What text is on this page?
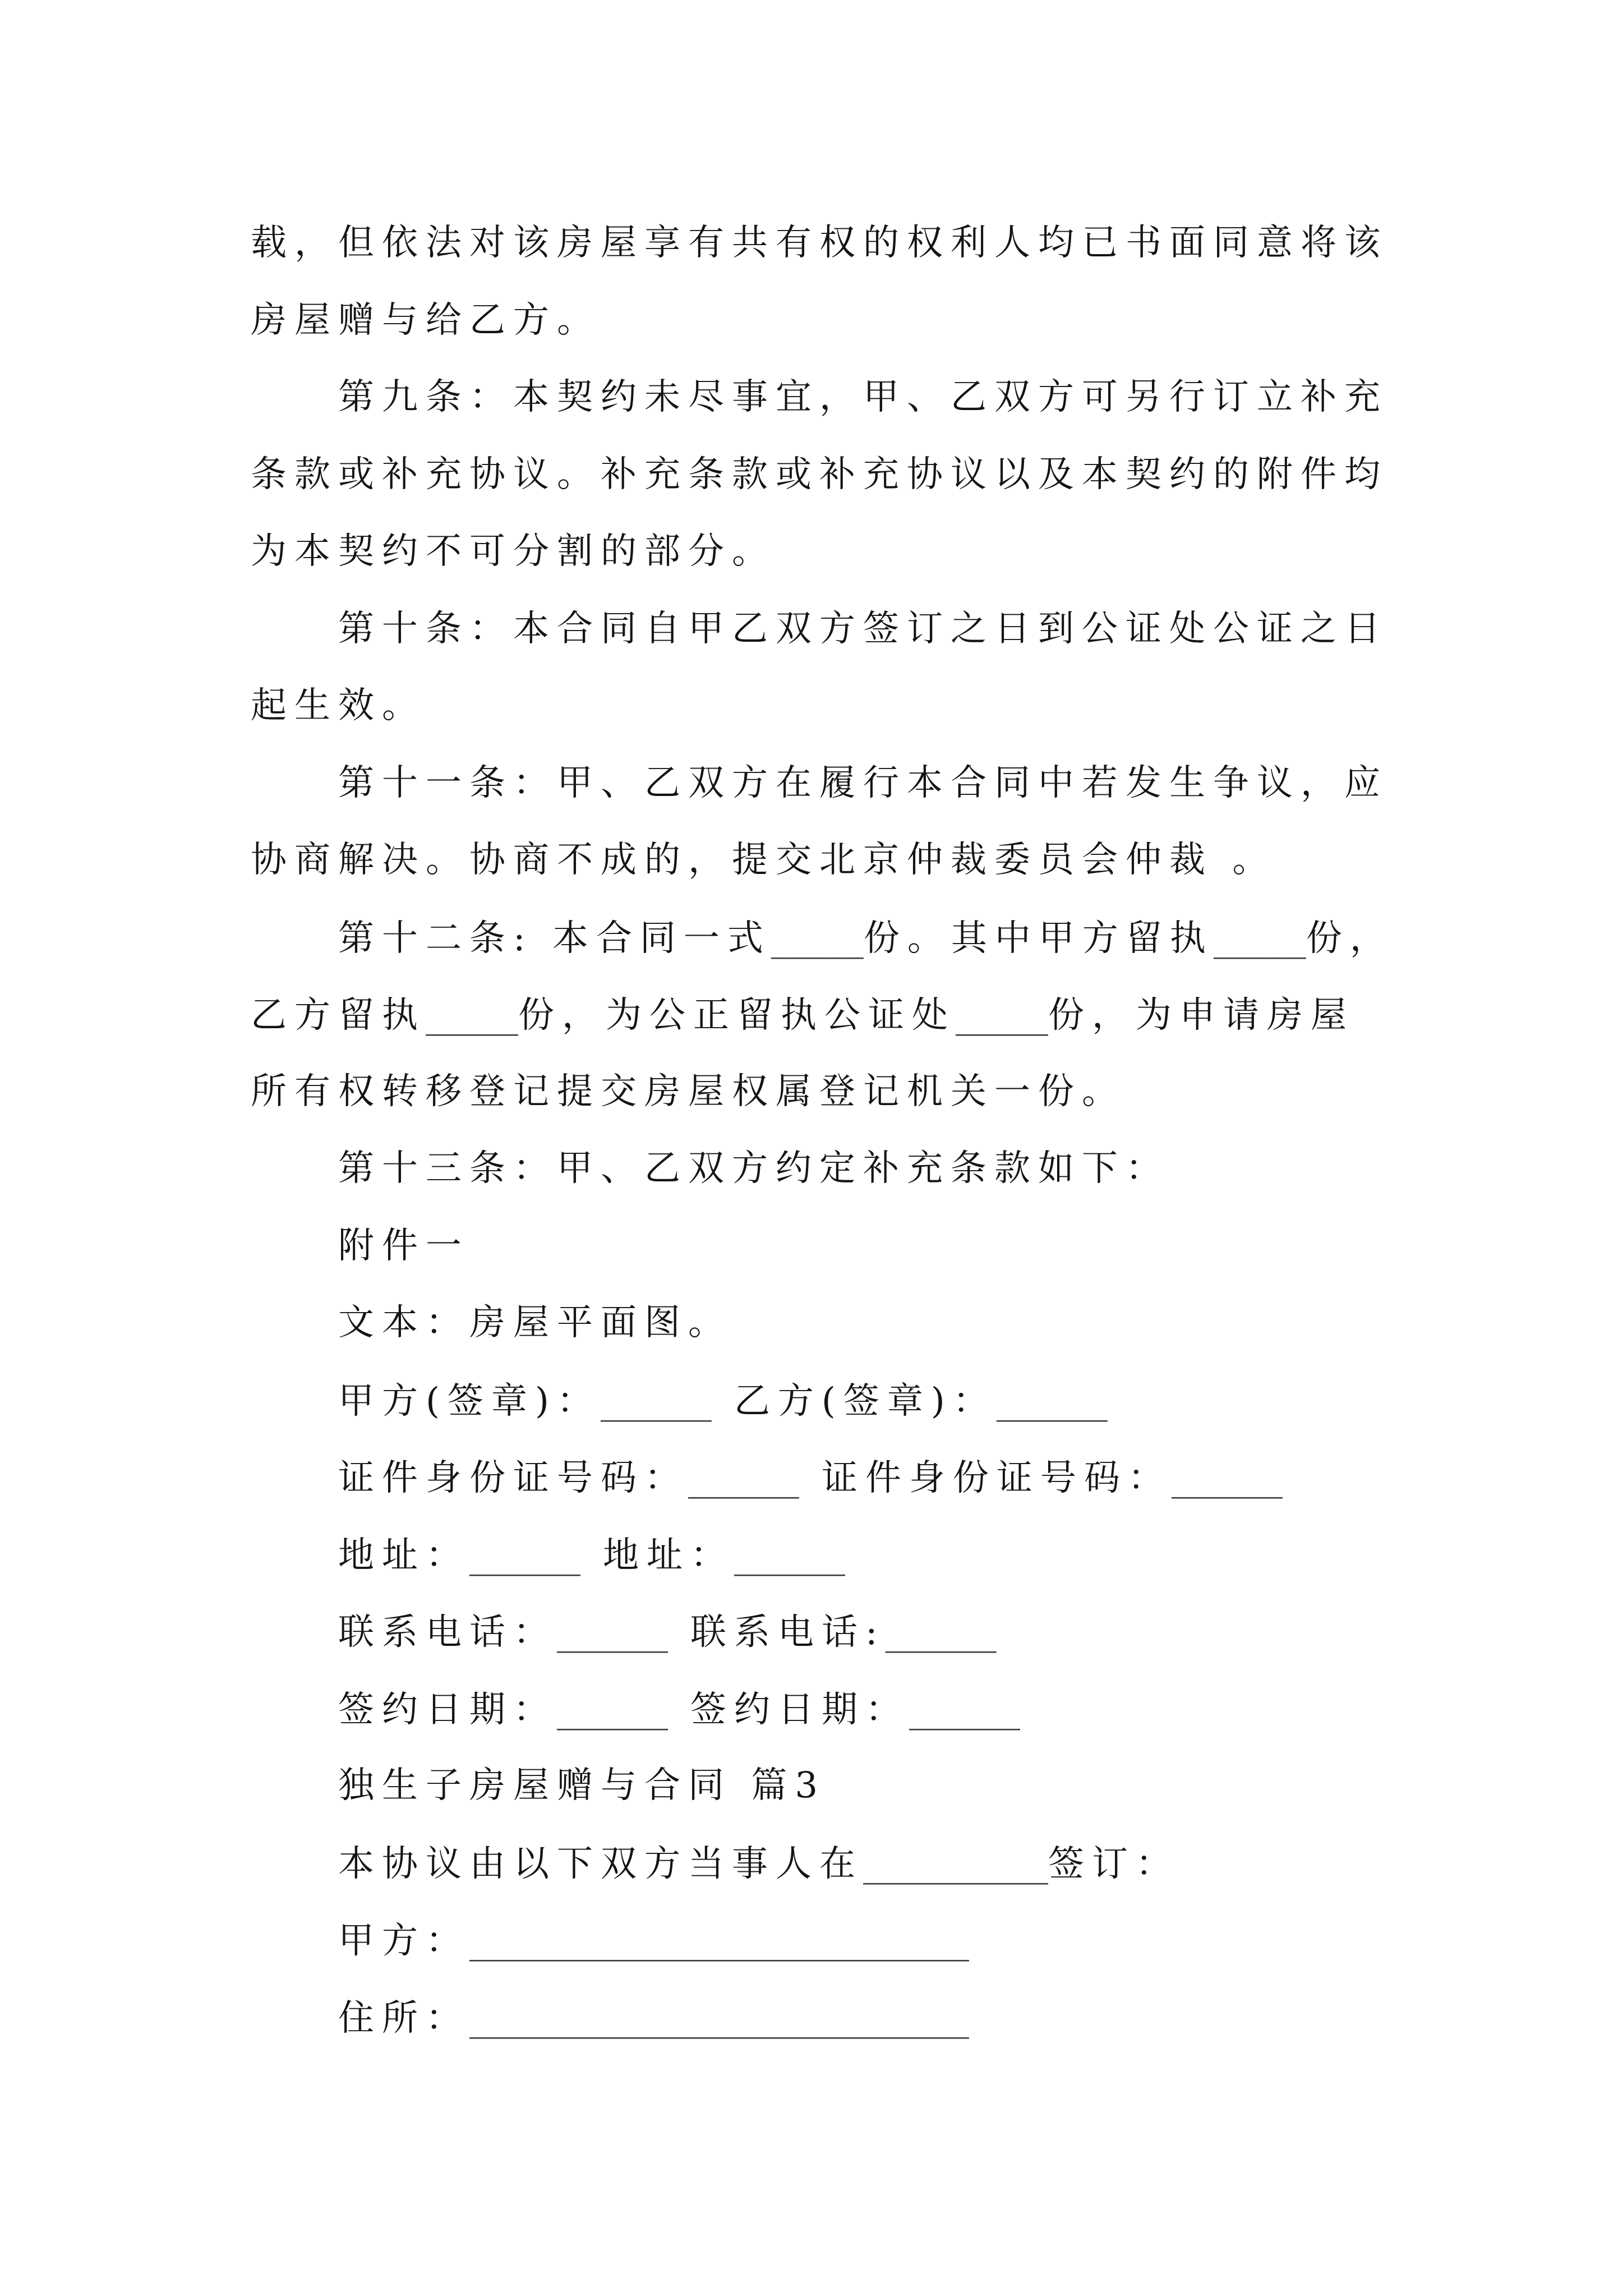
载，但依法对该房屋享有共有权的权利人均已书面同意将该
房屋赠与给乙方。
第九条：本契约未尽事宜，甲、乙双方可另行订立补充
条款或补充协议。补充条款或补充协议以及本契约的附件均
为本契约不可分割的部分。
第十条：本合同自甲乙双方签订之日到公证处公证之日
起生效。
第十一条：甲、乙双方在履行本合同中若发生争议，应
协商解决。协商不成的，提交北京仲裁委员会仲裁 。
第十二条: 本合同一式_____份。其中甲方留执_____份，
乙方留执_____份，为公正留执公证处_____份，为申请房屋
所有权转移登记提交房屋权属登记机关一份。
第十三条：甲、乙双方约定补充条款如下：
附件一
文本：房屋平面图。
甲方(签章)：______ 乙方(签章)：______
证件身份证号码：______ 证件身份证号码：______
地址：______ 地址：______
联系电话：______ 联系电话:______
签约日期：______ 签约日期：______
独生子房屋赠与合同 篇3
本协议由以下双方当事人在__________签订：
甲方：___________________________
住所：___________________________
